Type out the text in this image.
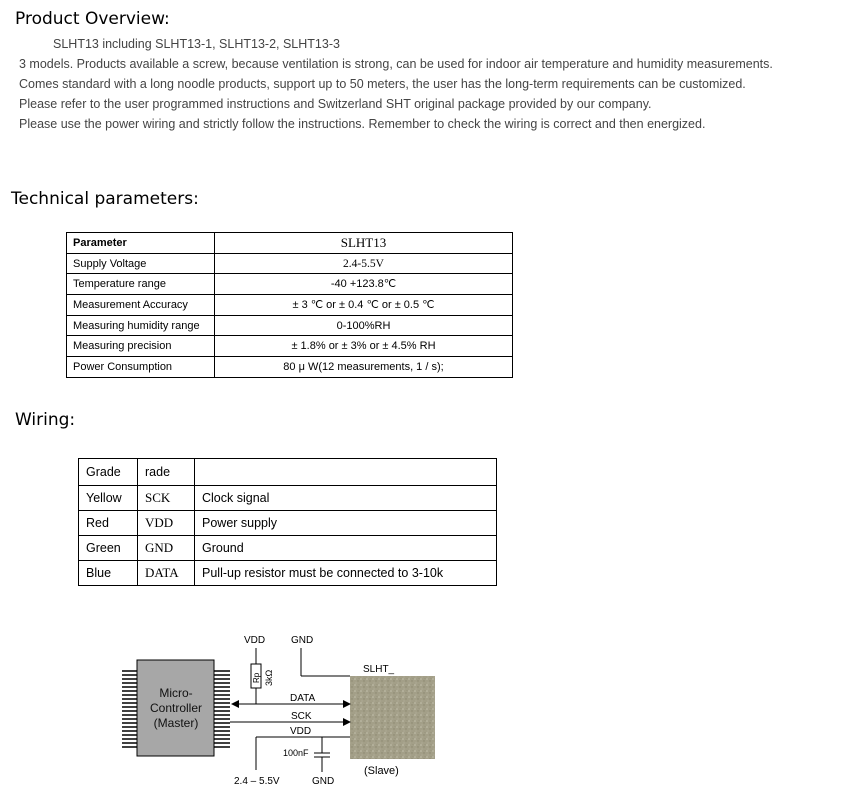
Product Overview:

SLHT13 including SLHT13-1, SLHT13-2, SLHT13-3

3 models. Products available a screw, because ventilation is strong, can be used for indoor air temperature and humidity measurements. Comes standard with a long noodle products, support up to 50 meters, the user has the long-term requirements can be customized.

Please refer to the user programmed instructions and Switzerland SHT original package provided by our company.

Please use the power wiring and strictly follow the instructions. Remember to check the wiring is correct and then energized.

Technical parameters:
Parameter	SLHT13
Supply Voltage	2.4-5.5V
Temperature range	-40 +123.8℃
Measurement Accuracy	± 3 ℃ or ± 0.4 ℃ or ± 0.5 ℃
Measuring humidity range	0-100%RH
Measuring precision	± 1.8% or ± 3% or ± 4.5% RH
Power Consumption	80 μ W(12 measurements, 1 / s);
Wiring:
Grade	rade	
Yellow	SCK	Clock signal
Red	VDD	Power supply
Green	GND	Ground
Blue	DATA	Pull-up resistor must be connected to 3-10k
Micro-
Controller
(Master)
SLHT_
(Slave)
VDD	GND
Rp 3kΩ
DATA
SCK
VDD
100nF
2.4 – 5.5V	GND
